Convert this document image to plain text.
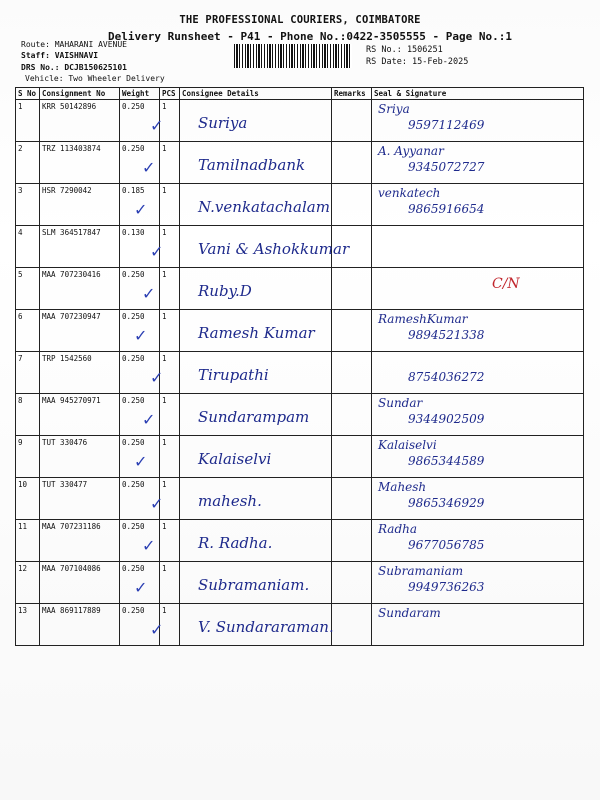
THE PROFESSIONAL COURIERS, COIMBATORE
Delivery Runsheet - P41 - Phone No.:0422-3505555 - Page No.:1
Route: MAHARANI AVENUE
Staff: VAISHNAVI
DRS No.: DCJB150625101
Vehicle: Two Wheeler Delivery
RS No.: 1506251
RS Date: 15-Feb-2025
S No	Consignment No	Weight	PCS	Consignee Details	Remarks	Seal & Signature
1	KRR 50142896	0.250	1	✓ Suriya		Sriya
9597112469

2	TRZ 113403874	0.250	1	✓ Tamilnadbank		A. Ayyanar
9345072727

3	HSR 7290042	0.185	1	✓ N.venkatachalam		venkatech
9865916654

4	SLM 364517847	0.130	1	✓ Vani & Ashokkumar		

5	MAA 707230416	0.250	1	✓ Ruby.D		C/N

6	MAA 707230947	0.250	1	✓ Ramesh Kumar		RameshKumar
9894521338

7	TRP 1542560	0.250	1	✓ Tirupathi		8754036272

8	MAA 945270971	0.250	1	✓ Sundarampam		Sundar
9344902509

9	TUT 330476	0.250	1	✓ Kalaiselvi		Kalaiselvi
9865344589

10	TUT 330477	0.250	1	✓ mahesh.		Mahesh
9865346929

11	MAA 707231186	0.250	1	✓ R. Radha.		Radha
9677056785

12	MAA 707104086	0.250	1	✓ Subramaniam.		Subramaniam
9949736263

13	MAA 869117889	0.250	1	✓ V. Sundararaman.		Sundaram
